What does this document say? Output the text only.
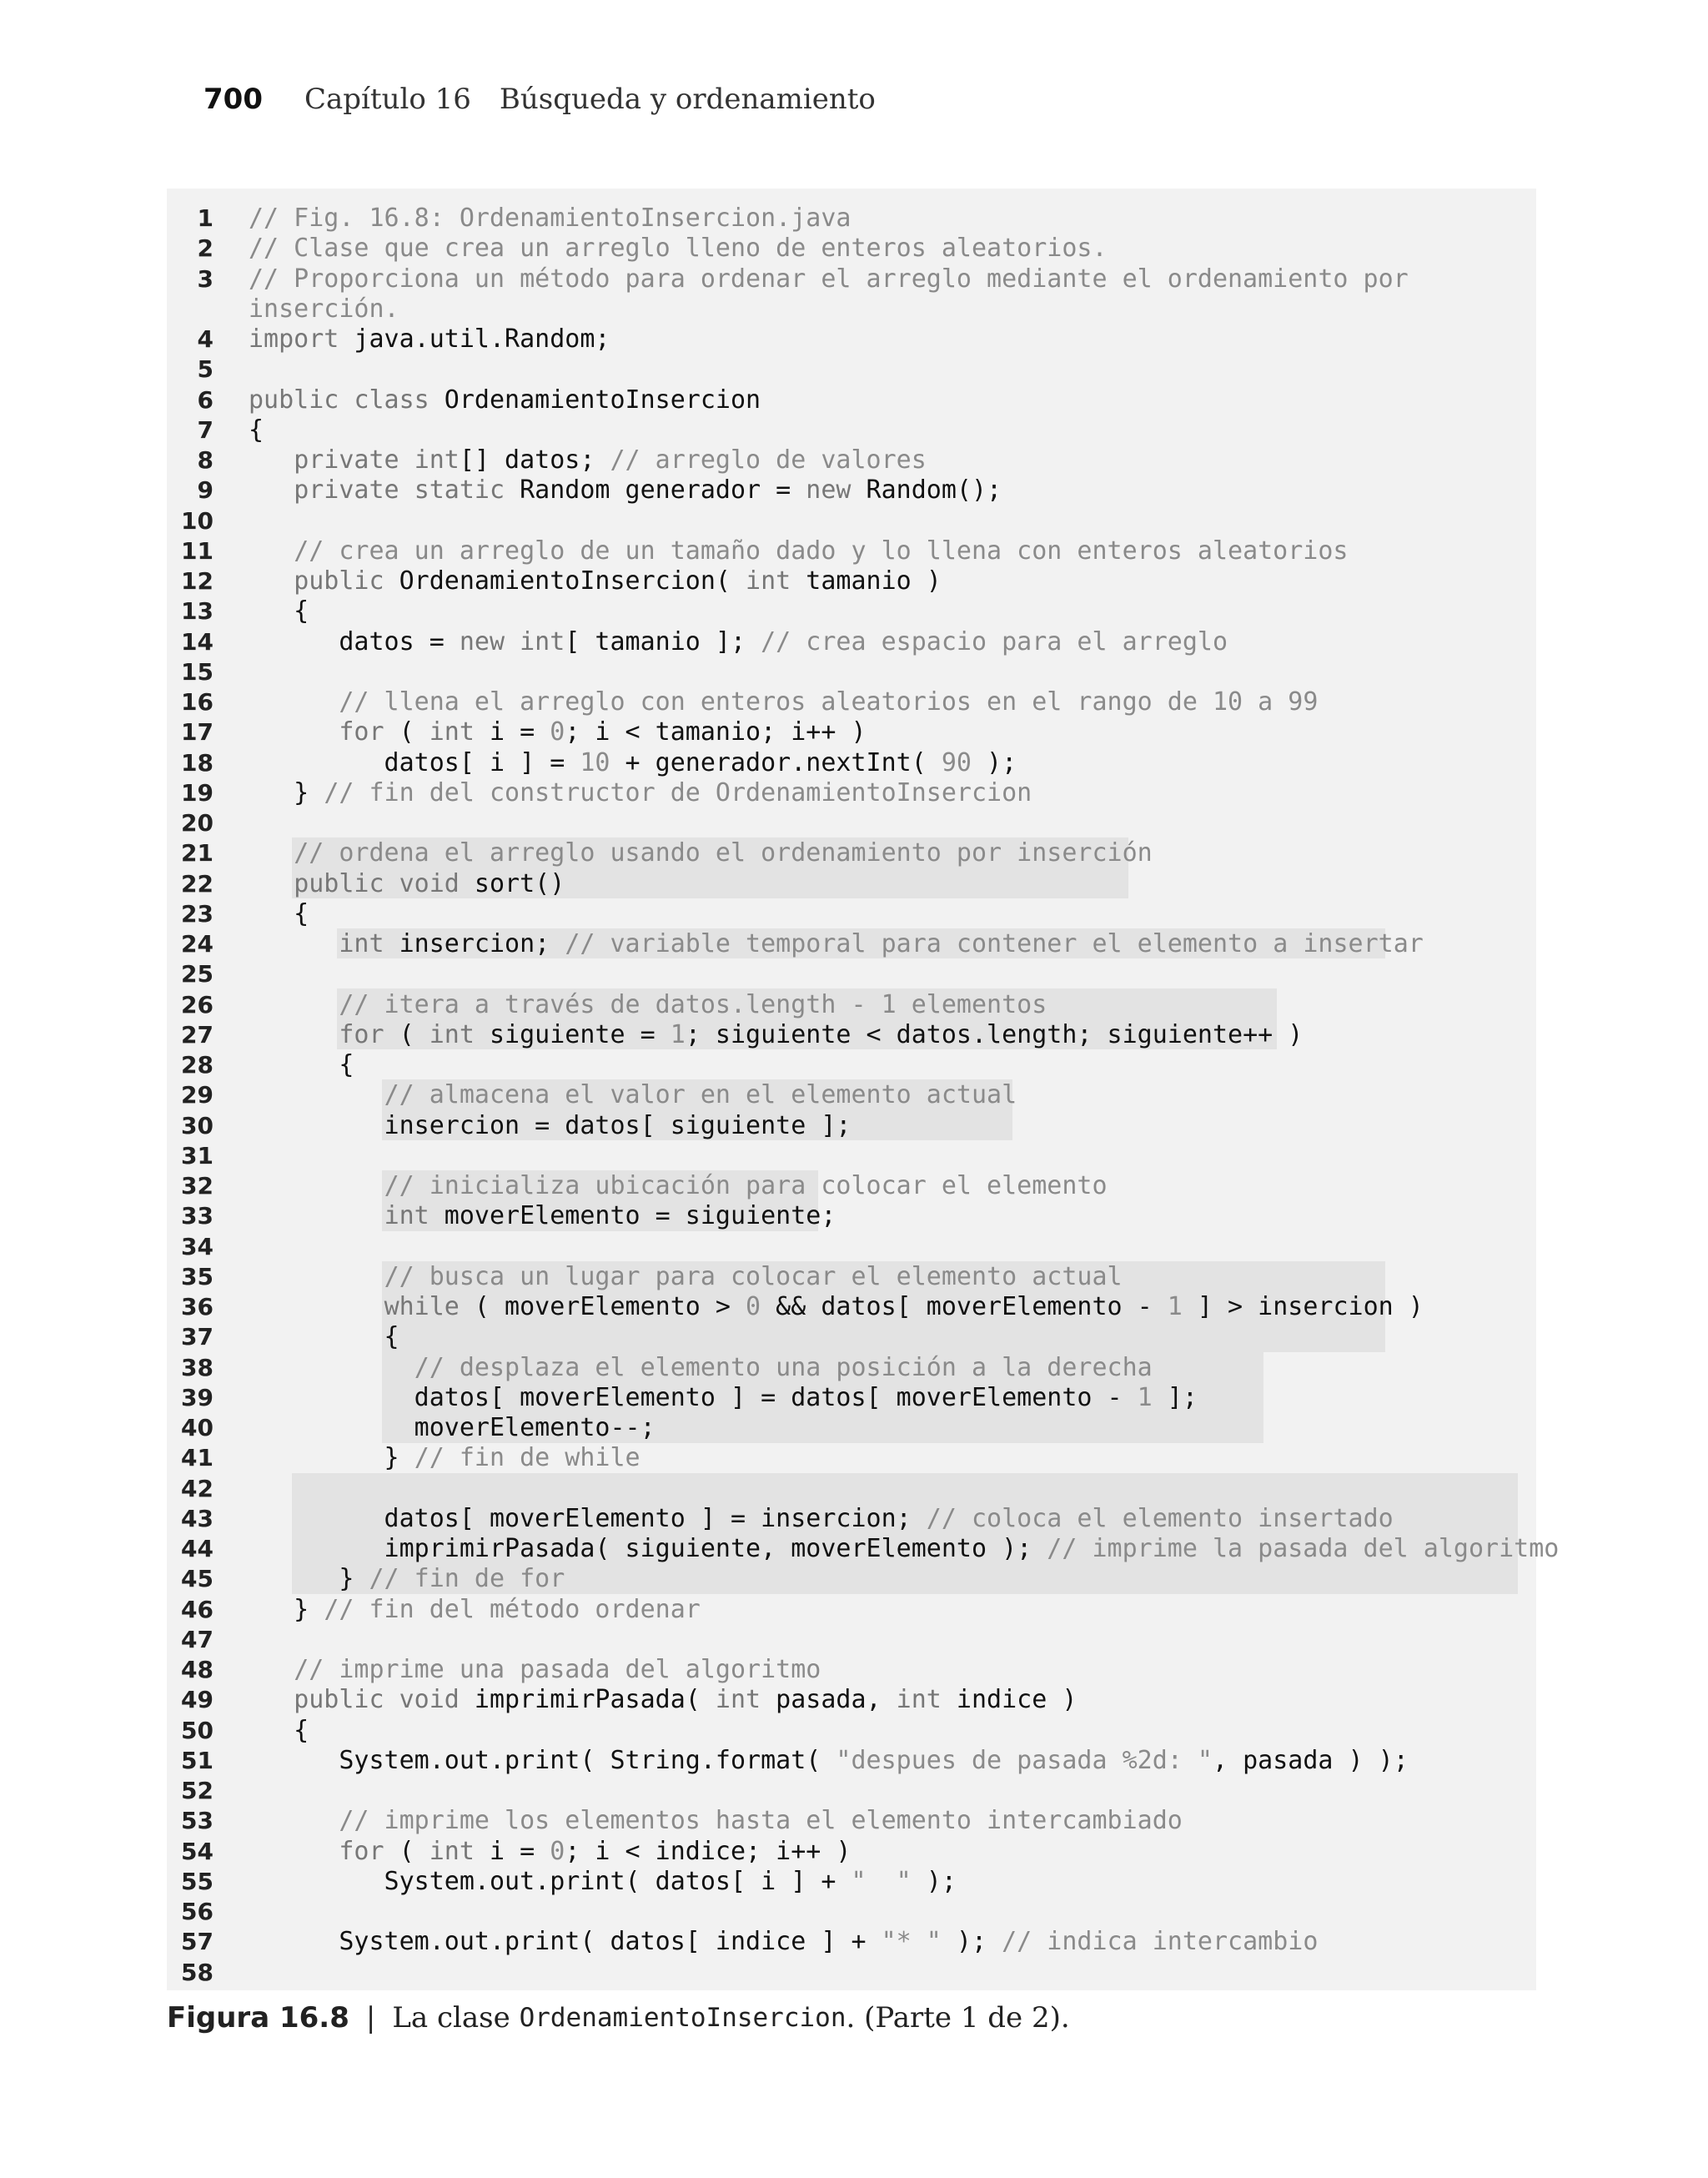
700 Capítulo 16 Búsqueda y ordenamiento
1 // Fig. 16.8: OrdenamientoInsercion.java
2 // Clase que crea un arreglo lleno de enteros aleatorios.
3 // Proporciona un método para ordenar el arreglo mediante el ordenamiento por
inserción.
4 import java.util.Random;
5
6 public class OrdenamientoInsercion
7 {
8	private int[] datos; // arreglo de valores
9	private static Random generador = new Random();
10
11	// crea un arreglo de un tamaño dado y lo llena con enteros aleatorios
12	public OrdenamientoInsercion( int tamanio )
13 {
14 datos = new int[ tamanio ]; // crea espacio para el arreglo
15
16	// llena el arreglo con enteros aleatorios en el rango de 10 a 99
17	for ( int i = 0; i < tamanio; i++ )
18 datos[ i ] = 10 + generador.nextInt( 90 );
19 } // fin del constructor de OrdenamientoInsercion
20
21	// ordena el arreglo usando el ordenamiento por inserción
22	public void sort()
23 {
24	int insercion; // variable temporal para contener el elemento a insertar
25
26	// itera a través de datos.length - 1 elementos
27	for ( int siguiente = 1; siguiente < datos.length; siguiente++ )
28 {
29	// almacena el valor en el elemento actual
30 insercion = datos[ siguiente ];
31
32	// inicializa ubicación para colocar el elemento
33	int moverElemento = siguiente;
34
35	// busca un lugar para colocar el elemento actual
36	while ( moverElemento > 0 && datos[ moverElemento - 1 ] > insercion )
37 {
38	// desplaza el elemento una posición a la derecha
39 datos[ moverElemento ] = datos[ moverElemento - 1 ];
40 moverElemento--;
41 } // fin de while
42
43 datos[ moverElemento ] = insercion; // coloca el elemento insertado
44 imprimirPasada( siguiente, moverElemento ); // imprime la pasada del algoritmo
45 } // fin de for
46 } // fin del método ordenar
47
48	// imprime una pasada del algoritmo
49	public void imprimirPasada( int pasada, int indice )
50 {
51 System.out.print( String.format( "despues de pasada %2d: ", pasada ) );
52
53	// imprime los elementos hasta el elemento intercambiado
54	for ( int i = 0; i < indice; i++ )
55 System.out.print( datos[ i ] + "  " );
56
57 System.out.print( datos[ indice ] + "* " ); // indica intercambio
58
Figura 16.8 | La clase OrdenamientoInsercion . (Parte 1 de 2).
